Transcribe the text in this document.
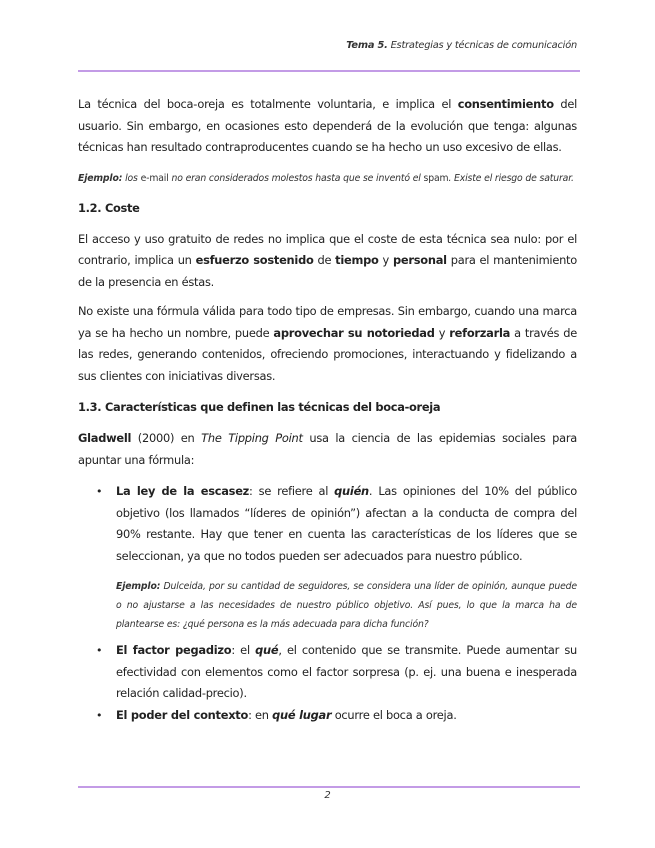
Tema 5. Estrategias y técnicas de comunicación

La técnica del boca-oreja es totalmente voluntaria, e implica el consentimiento del usuario. Sin embargo, en ocasiones esto dependerá de la evolución que tenga: algunas técnicas han resultado contraproducentes cuando se ha hecho un uso excesivo de ellas.

Ejemplo: los e-mail no eran considerados molestos hasta que se inventó el spam. Existe el riesgo de saturar.

1.2. Coste

El acceso y uso gratuito de redes no implica que el coste de esta técnica sea nulo: por el contrario, implica un esfuerzo sostenido de tiempo y personal para el mantenimiento de la presencia en éstas.

No existe una fórmula válida para todo tipo de empresas. Sin embargo, cuando una marca ya se ha hecho un nombre, puede aprovechar su notoriedad y reforzarla a través de las redes, generando contenidos, ofreciendo promociones, interactuando y fidelizando a sus clientes con iniciativas diversas.

1.3. Características que definen las técnicas del boca-oreja

Gladwell (2000) en The Tipping Point usa la ciencia de las epidemias sociales para apuntar una fórmula:

• La ley de la escasez: se refiere al quién. Las opiniones del 10% del público objetivo (los llamados “líderes de opinión”) afectan a la conducta de compra del 90% restante. Hay que tener en cuenta las características de los líderes que se seleccionan, ya que no todos pueden ser adecuados para nuestro público.

Ejemplo: Dulceida, por su cantidad de seguidores, se considera una líder de opinión, aunque puede o no ajustarse a las necesidades de nuestro público objetivo. Así pues, lo que la marca ha de plantearse es: ¿qué persona es la más adecuada para dicha función?

• El factor pegadizo: el qué, el contenido que se transmite. Puede aumentar su efectividad con elementos como el factor sorpresa (p. ej. una buena e inesperada relación calidad-precio).

• El poder del contexto: en qué lugar ocurre el boca a oreja.

2
